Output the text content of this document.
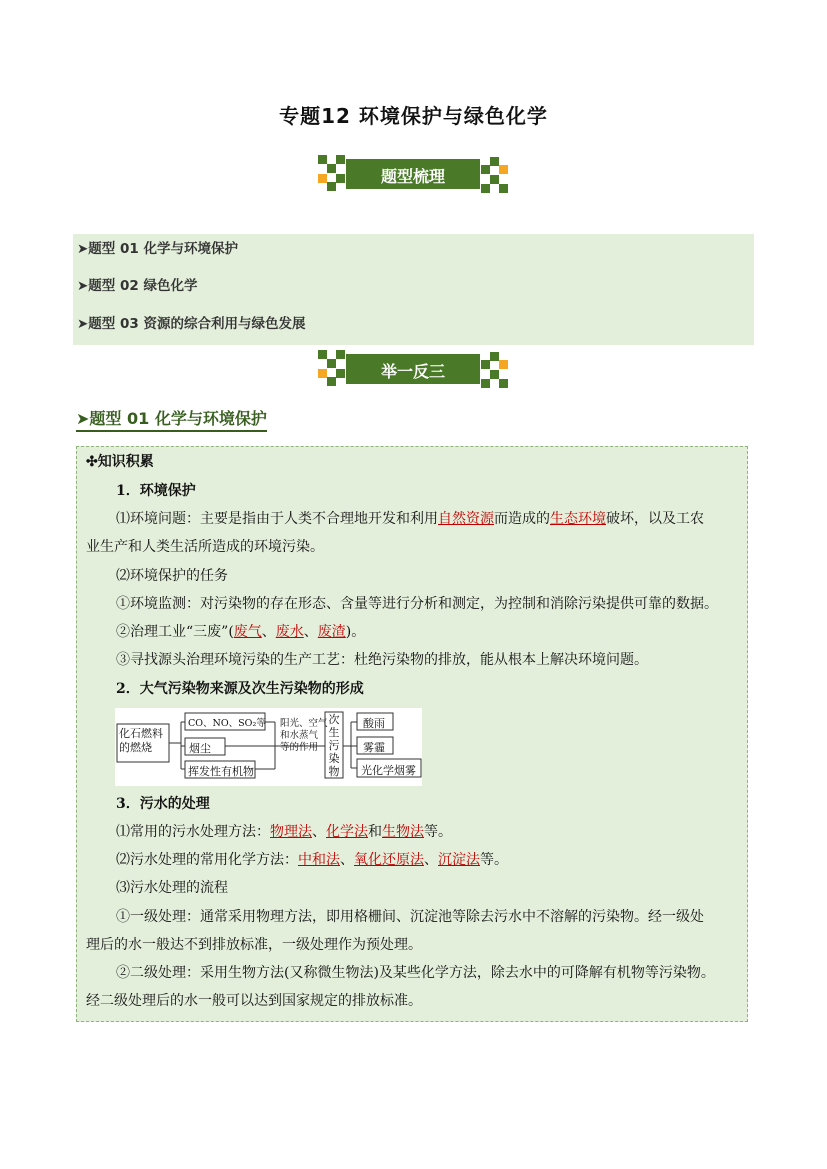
专题12 环境保护与绿色化学
题型梳理
➤题型 01 化学与环境保护
➤题型 02 绿色化学
➤题型 03 资源的综合利用与绿色发展
举一反三
➤题型 01 化学与环境保护
✣知识积累
1．环境保护
⑴环境问题：主要是指由于人类不合理地开发和利用自然资源而造成的生态环境破坏，以及工农
业生产和人类生活所造成的环境污染。
⑵环境保护的任务
①环境监测：对污染物的存在形态、含量等进行分析和测定，为控制和消除污染提供可靠的数据。
②治理工业“三废”(废气、废水、废渣)。
③寻找源头治理环境污染的生产工艺：杜绝污染物的排放，能从根本上解决环境问题。
2．大气污染物来源及次生污染物的形成
化石燃料
的燃烧
CO、NO、SO₂等
烟尘
挥发性有机物
阳光、空气
和水蒸气
等的作用
次
生
污
染
物
酸雨
雾霾
光化学烟雾
3．污水的处理
⑴常用的污水处理方法：物理法、化学法和生物法等。
⑵污水处理的常用化学方法：中和法、氧化还原法、沉淀法等。
⑶污水处理的流程
①一级处理：通常采用物理方法，即用格栅间、沉淀池等除去污水中不溶解的污染物。经一级处
理后的水一般达不到排放标准，一级处理作为预处理。
②二级处理：采用生物方法(又称微生物法)及某些化学方法，除去水中的可降解有机物等污染物。
经二级处理后的水一般可以达到国家规定的排放标准。
